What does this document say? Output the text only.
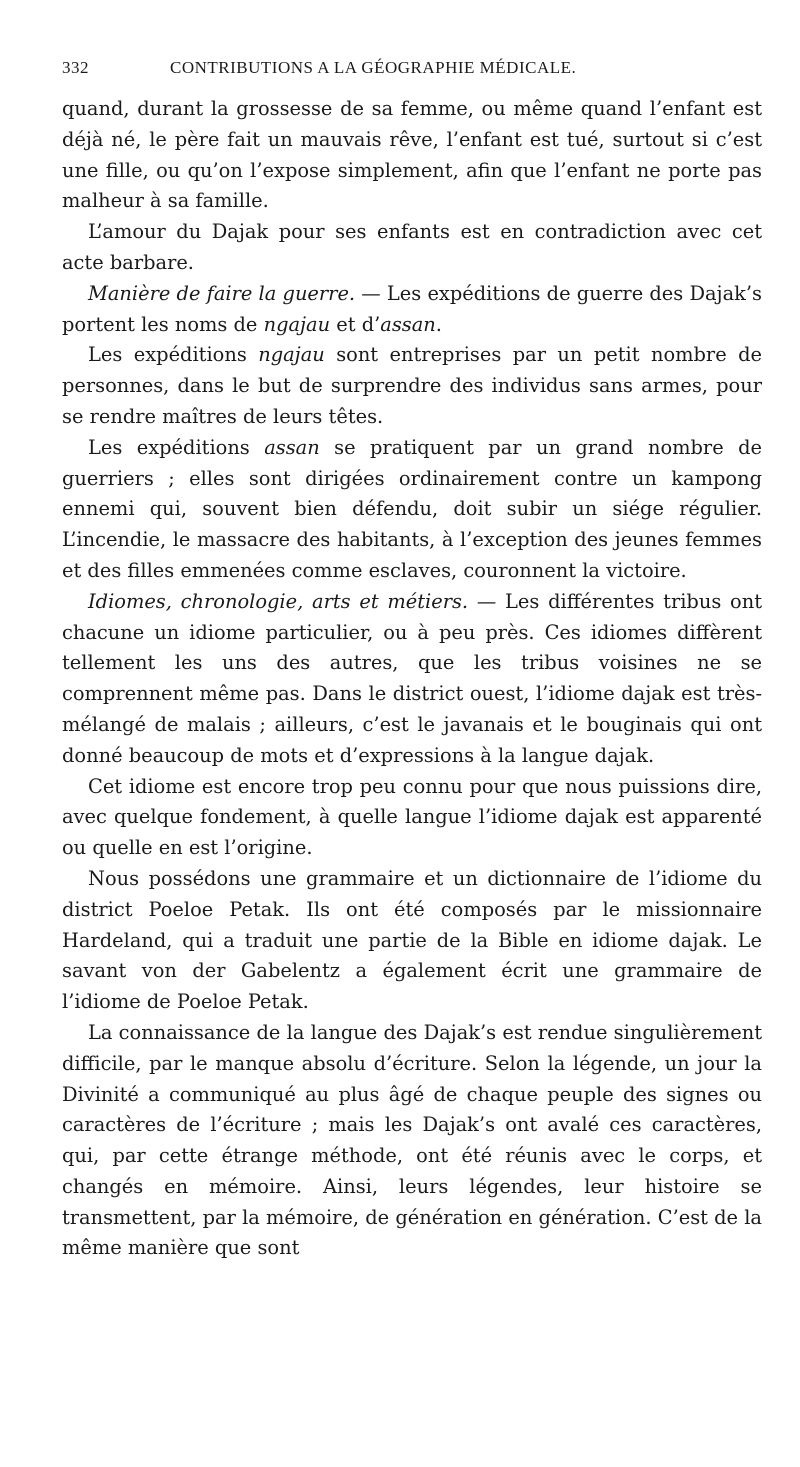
332	CONTRIBUTIONS A LA GÉOGRAPHIE MÉDICALE.

quand, durant la grossesse de sa femme, ou même quand l’enfant est déjà né, le père fait un mauvais rêve, l’enfant est tué, surtout si c’est une fille, ou qu’on l’expose simplement, afin que l’enfant ne porte pas malheur à sa famille.

L’amour du Dajak pour ses enfants est en contradiction avec cet acte barbare.

Manière de faire la guerre. — Les expéditions de guerre des Dajak’s portent les noms de ngajau et d’assan.

Les expéditions ngajau sont entreprises par un petit nombre de personnes, dans le but de surprendre des individus sans armes, pour se rendre maîtres de leurs têtes.

Les expéditions assan se pratiquent par un grand nombre de guerriers ; elles sont dirigées ordinairement contre un kampong ennemi qui, souvent bien défendu, doit subir un siége régulier. L’incendie, le massacre des habitants, à l’exception des jeunes femmes et des filles emmenées comme esclaves, couronnent la victoire.

Idiomes, chronologie, arts et métiers. — Les différentes tribus ont chacune un idiome particulier, ou à peu près. Ces idiomes diffèrent tellement les uns des autres, que les tribus voisines ne se comprennent même pas. Dans le district ouest, l’idiome dajak est très-mélangé de malais ; ailleurs, c’est le javanais et le bouginais qui ont donné beaucoup de mots et d’expressions à la langue dajak.

Cet idiome est encore trop peu connu pour que nous puissions dire, avec quelque fondement, à quelle langue l’idiome dajak est apparenté ou quelle en est l’origine.

Nous possédons une grammaire et un dictionnaire de l’idiome du district Poeloe Petak. Ils ont été composés par le missionnaire Hardeland, qui a traduit une partie de la Bible en idiome dajak. Le savant von der Gabelentz a également écrit une grammaire de l’idiome de Poeloe Petak.

La connaissance de la langue des Dajak’s est rendue singulièrement difficile, par le manque absolu d’écriture. Selon la légende, un jour la Divinité a communiqué au plus âgé de chaque peuple des signes ou caractères de l’écriture ; mais les Dajak’s ont avalé ces caractères, qui, par cette étrange méthode, ont été réunis avec le corps, et changés en mémoire. Ainsi, leurs légendes, leur histoire se transmettent, par la mémoire, de génération en génération. C’est de la même manière que sont
